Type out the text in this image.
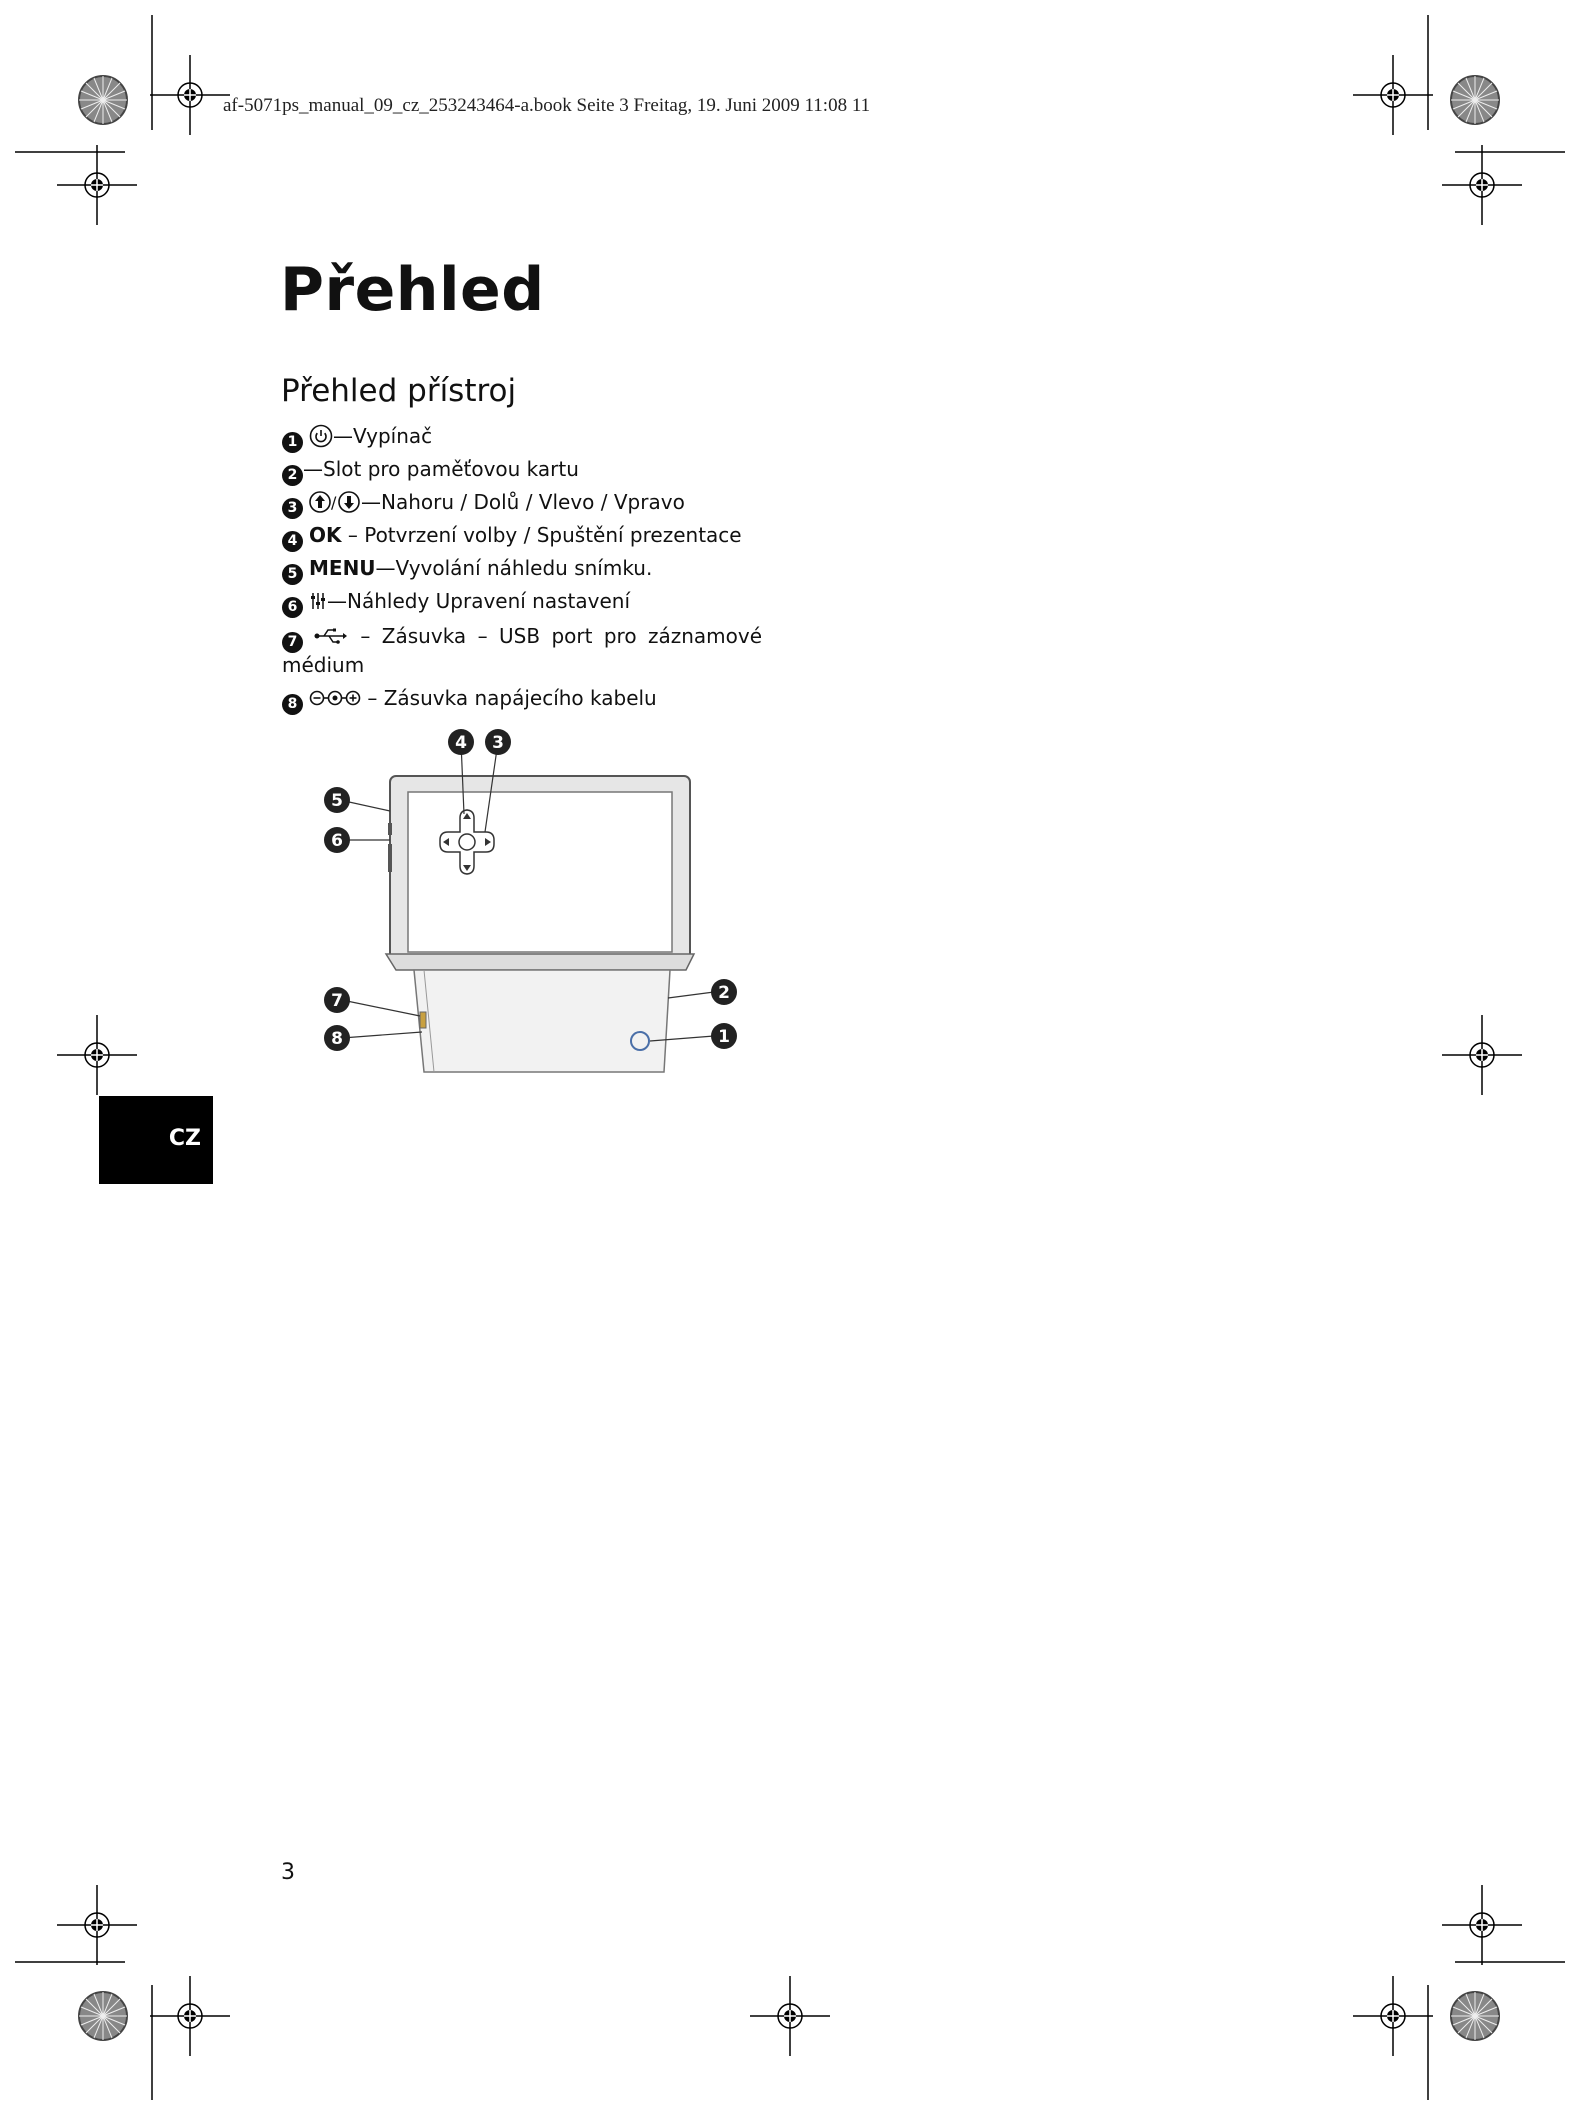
af-5071ps_manual_09_cz_253243464-a.book Seite 3 Freitag, 19. Juni 2009 11:08 11
Přehled
Přehled přístroj
1 —Vypínač
2 —Slot pro paměťovou kartu
3 / —Nahoru / Dolů / Vlevo / Vpravo
4 OK – Potvrzení volby / Spuštění prezentace
5 MENU—Vyvolání náhledu snímku.
6 —Náhledy Upravení nastavení
7	– Zásuvka – USB port pro záznamové médium
8	– Zásuvka napájecího kabelu
4 3
5
6
2
1
7
8
CZ
3
